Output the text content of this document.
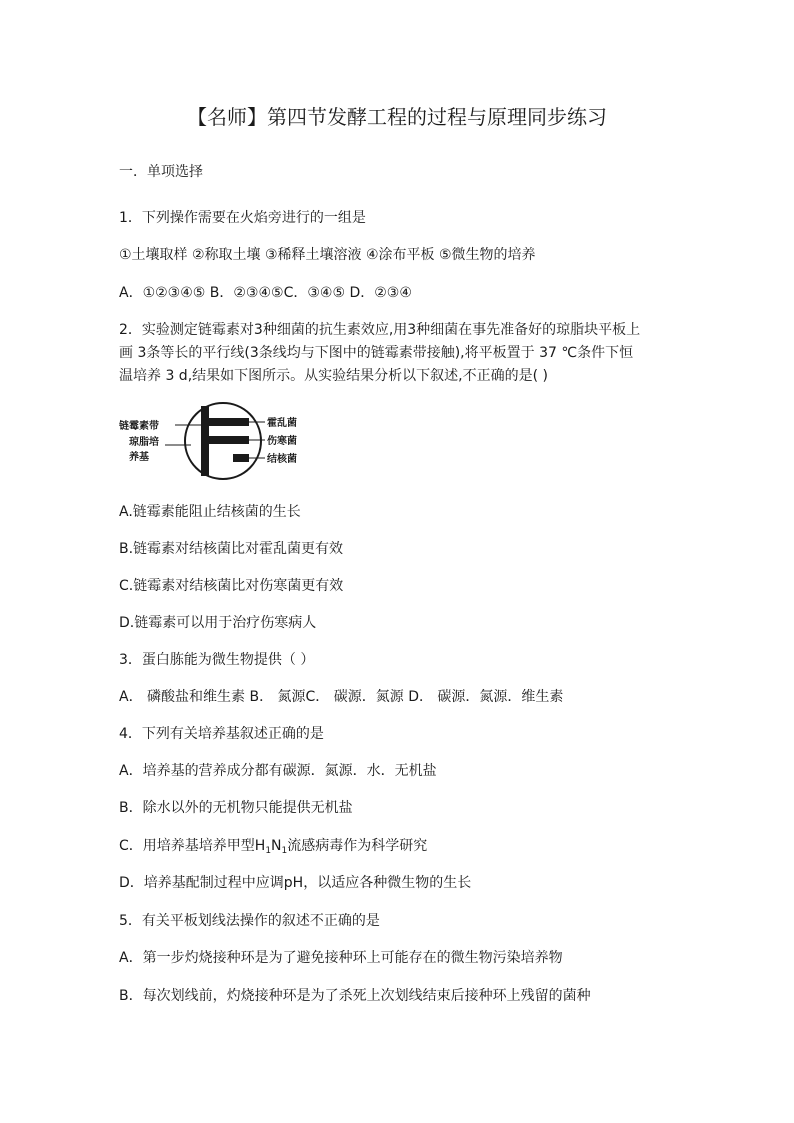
【名师】第四节发酵工程的过程与原理同步练习
一．单项选择
1．下列操作需要在火焰旁进行的一组是
①土壤取样 ②称取土壤 ③稀释土壤溶液 ④涂布平板 ⑤微生物的培养
A．①②③④⑤ B．②③④⑤C．③④⑤ D．②③④
2．实验测定链霉素对3种细菌的抗生素效应,用3种细菌在事先准备好的琼脂块平板上
画 3条等长的平行线(3条线均与下图中的链霉素带接触),将平板置于 37 ℃条件下恒
温培养 3 d,结果如下图所示。从实验结果分析以下叙述,不正确的是( )
链霉素带
琼脂培
养基
霍乱菌
伤寒菌
结核菌
A.链霉素能阻止结核菌的生长
B.链霉素对结核菌比对霍乱菌更有效
C.链霉素对结核菌比对伤寒菌更有效
D.链霉素可以用于治疗伤寒病人
3．蛋白胨能为微生物提供（ ）
A． 磷酸盐和维生素 B． 氮源C． 碳源．氮源 D． 碳源．氮源．维生素
4．下列有关培养基叙述正确的是
A．培养基的营养成分都有碳源．氮源．水．无机盐
B．除水以外的无机物只能提供无机盐
C．用培养基培养甲型$H_1N_1$流感病毒作为科学研究
D．培养基配制过程中应调pH，以适应各种微生物的生长
5．有关平板划线法操作的叙述不正确的是
A．第一步灼烧接种环是为了避免接种环上可能存在的微生物污染培养物
B．每次划线前，灼烧接种环是为了杀死上次划线结束后接种环上残留的菌种
